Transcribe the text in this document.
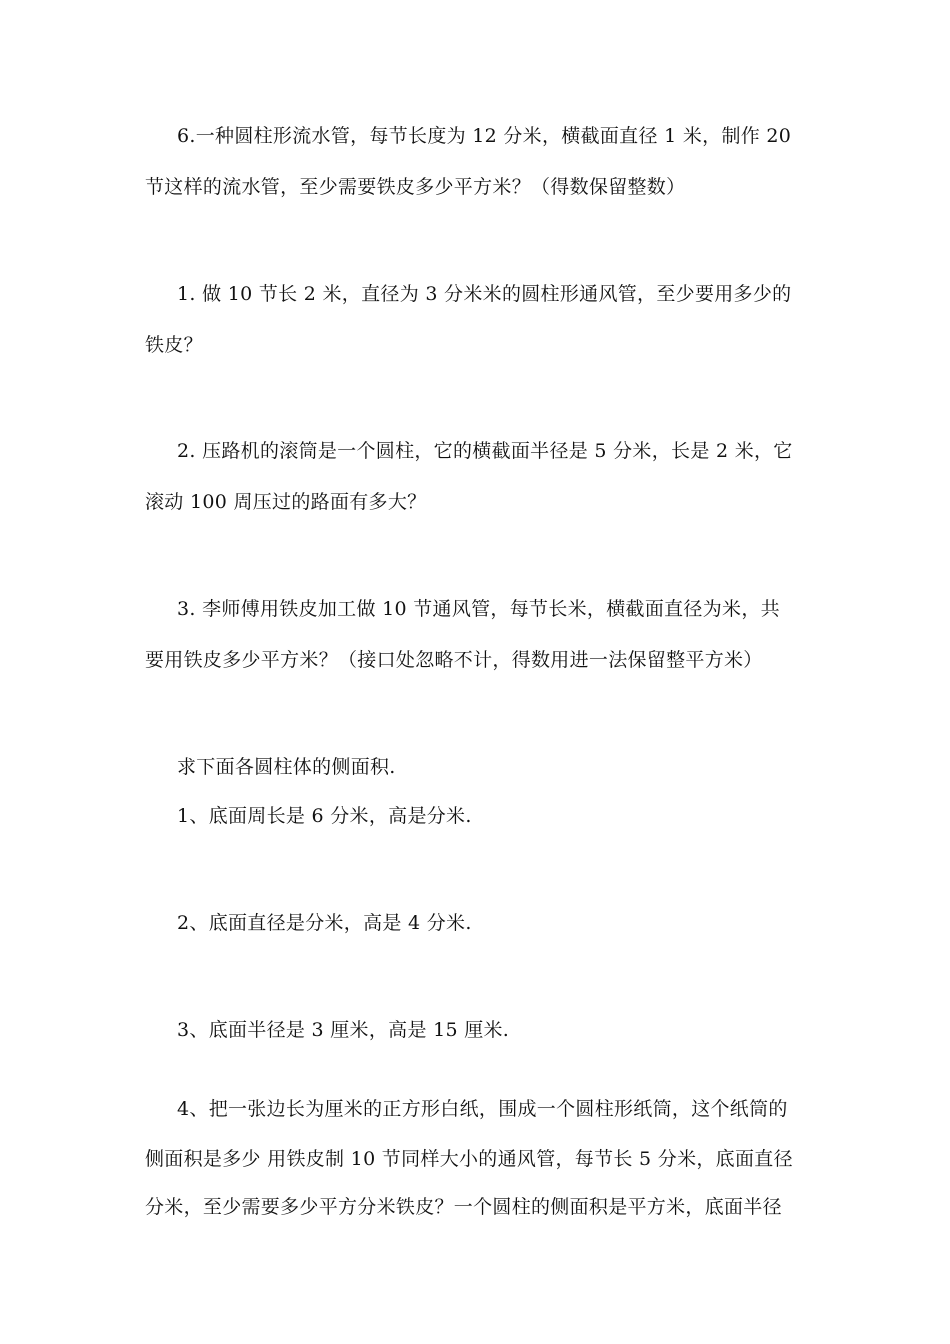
6.一种圆柱形流水管，每节长度为 12 分米，横截面直径 1 米，制作 20
节这样的流水管，至少需要铁皮多少平方米？（得数保留整数）
1. 做 10 节长 2 米，直径为 3 分米米的圆柱形通风管，至少要用多少的
铁皮？
2. 压路机的滚筒是一个圆柱，它的横截面半径是 5 分米，长是 2 米，它
滚动 100 周压过的路面有多大？
3. 李师傅用铁皮加工做 10 节通风管，每节长米，横截面直径为米，共
要用铁皮多少平方米？（接口处忽略不计，得数用进一法保留整平方米）
求下面各圆柱体的侧面积.
1、底面周长是 6 分米，高是分米.
2、底面直径是分米，高是 4 分米.
3、底面半径是 3 厘米，高是 15 厘米.
4、把一张边长为厘米的正方形白纸，围成一个圆柱形纸筒，这个纸筒的
侧面积是多少 用铁皮制 10 节同样大小的通风管，每节长 5 分米，底面直径
分米，至少需要多少平方分米铁皮？一个圆柱的侧面积是平方米，底面半径
